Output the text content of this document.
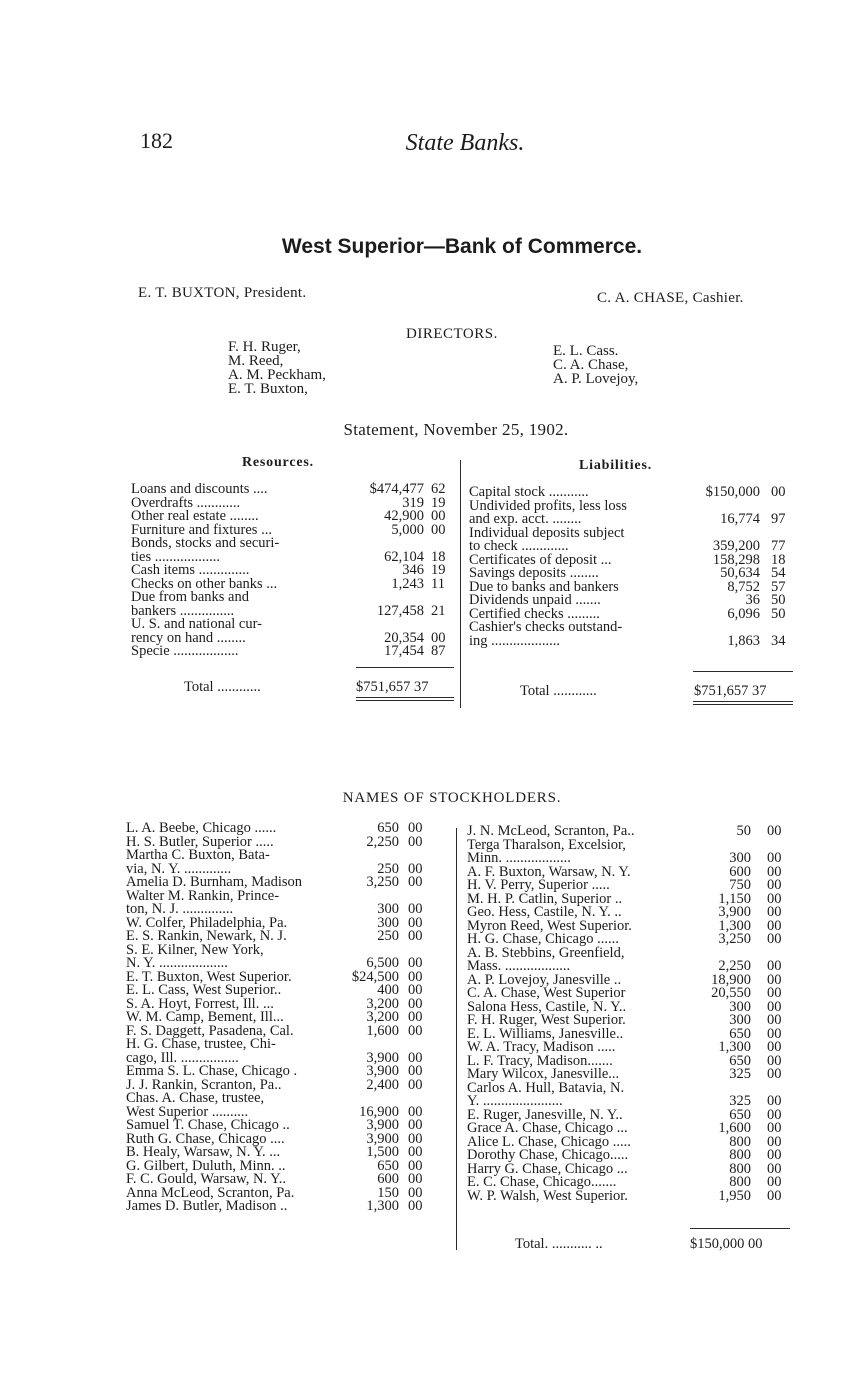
182	State Banks.
West Superior—Bank of Commerce.
E. T. BUXTON, President.	C. A. CHASE, Cashier.
DIRECTORS.
F. H. Ruger,
M. Reed,
A. M. Peckham,
E. T. Buxton,
E. L. Cass.
C. A. Chase,
A. P. Lovejoy,
Statement, November 25, 1902.
Resources.	Liabilities.
Loans and discounts ....	$474,477 62
Overdrafts ............	319 19
Other real estate ........	42,900 00
Furniture and fixtures ...	5,000 00
Bonds, stocks and securi-
ties ..................	62,104 18
Cash items ..............	346 19
Checks on other banks ...	1,243 11
Due from banks and
bankers ...............	127,458 21
U. S. and national cur-
rency on hand ........	20,354 00
Specie ..................	17,454 87
Capital stock ...........	$150,000 00
Undivided profits, less loss
and exp. acct. ........	16,774 97
Individual deposits subject
to check .............	359,200 77
Certificates of deposit ...	158,298 18
Savings deposits ........	50,634 54
Due to banks and bankers	8,752 57
Dividends unpaid .......	36 50
Certified checks .........	6,096 50
Cashier's checks outstand-
ing ...................	1,863 34
Total ............	$751,657 37	Total ............	$751,657 37
NAMES OF STOCKHOLDERS.
L. A. Beebe, Chicago ......	650 00
H. S. Butler, Superior .....	2,250 00
Martha C. Buxton, Bata-
via, N. Y. .............	250 00
Amelia D. Burnham, Madison	3,250 00
Walter M. Rankin, Prince-
ton, N. J. ..............	300 00
W. Colfer, Philadelphia, Pa.	300 00
E. S. Rankin, Newark, N. J.	250 00
S. E. Kilner, New York,
N. Y. ...................	6,500 00
E. T. Buxton, West Superior.	$24,500 00
E. L. Cass, West Superior..	400 00
S. A. Hoyt, Forrest, Ill. ...	3,200 00
W. M. Camp, Bement, Ill...	3,200 00
F. S. Daggett, Pasadena, Cal.	1,600 00
H. G. Chase, trustee, Chi-
cago, Ill. ................	3,900 00
Emma S. L. Chase, Chicago .	3,900 00
J. J. Rankin, Scranton, Pa..	2,400 00
Chas. A. Chase, trustee,
West Superior ..........	16,900 00
Samuel T. Chase, Chicago ..	3,900 00
Ruth G. Chase, Chicago ....	3,900 00
B. Healy, Warsaw, N. Y. ...	1,500 00
G. Gilbert, Duluth, Minn. ..	650 00
F. C. Gould, Warsaw, N. Y..	600 00
Anna McLeod, Scranton, Pa.	150 00
James D. Butler, Madison ..	1,300 00
J. N. McLeod, Scranton, Pa..	50 00
Terga Tharalson, Excelsior,
Minn. ..................	300 00
A. F. Buxton, Warsaw, N. Y.	600 00
H. V. Perry, Superior .....	750 00
M. H. P. Catlin, Superior ..	1,150 00
Geo. Hess, Castile, N. Y. ..	3,900 00
Myron Reed, West Superior.	1,300 00
H. G. Chase, Chicago ......	3,250 00
A. B. Stebbins, Greenfield,
Mass. ..................	2,250 00
A. P. Lovejoy, Janesville ..	18,900 00
C. A. Chase, West Superior	20,550 00
Salona Hess, Castile, N. Y..	300 00
F. H. Ruger, West Superior.	300 00
E. L. Williams, Janesville..	650 00
W. A. Tracy, Madison .....	1,300 00
L. F. Tracy, Madison.......	650 00
Mary Wilcox, Janesville...	325 00
Carlos A. Hull, Batavia, N.
Y. ......................	325 00
E. Ruger, Janesville, N. Y..	650 00
Grace A. Chase, Chicago ...	1,600 00
Alice L. Chase, Chicago .....	800 00
Dorothy Chase, Chicago.....	800 00
Harry G. Chase, Chicago ...	800 00
E. C. Chase, Chicago.......	800 00
W. P. Walsh, West Superior.	1,950 00
Total. ........... ..	$150,000 00
